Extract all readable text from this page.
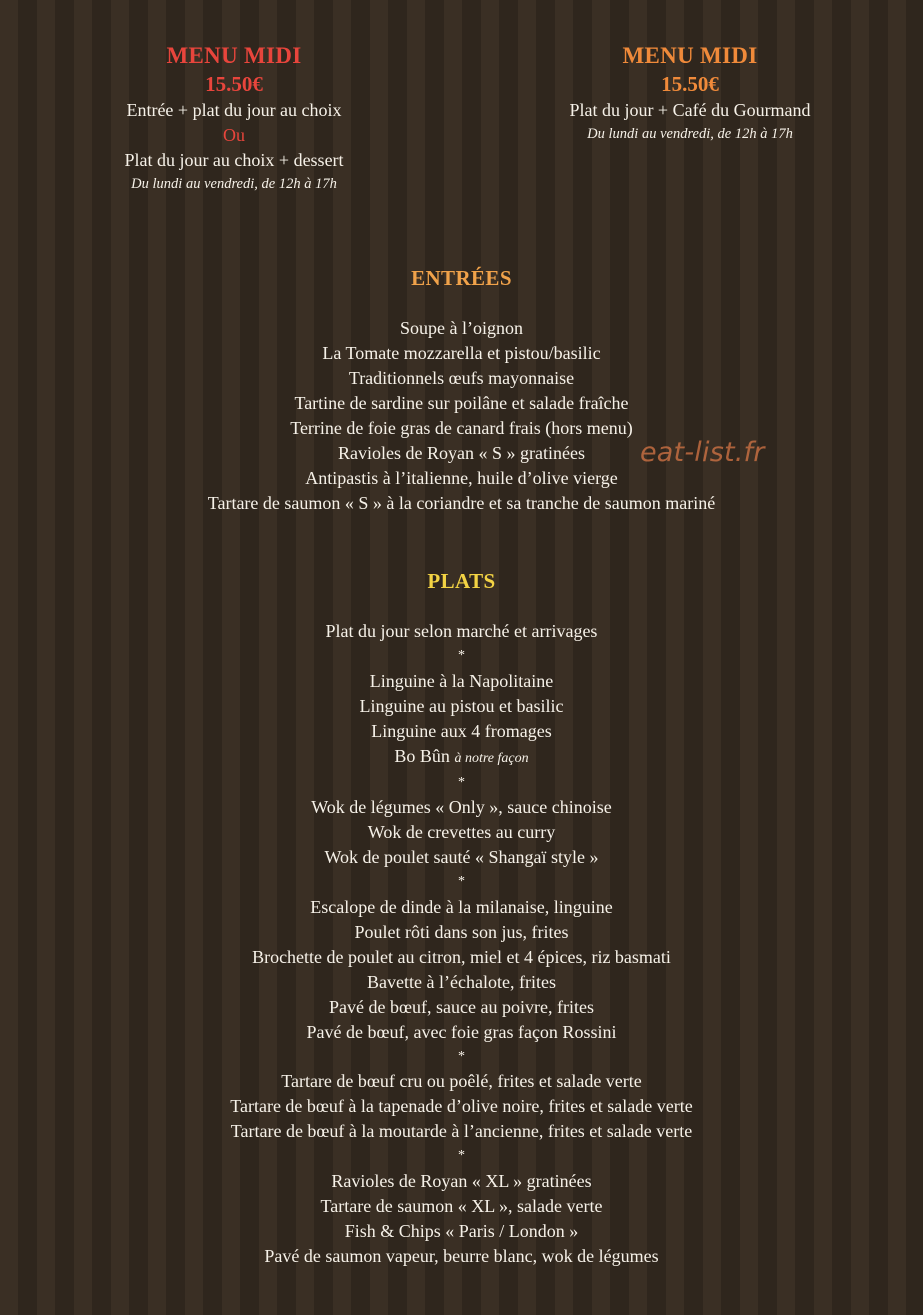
MENU MIDI
15.50€
Entrée + plat du jour au choix
Ou
Plat du jour au choix + dessert
Du lundi au vendredi, de 12h à 17h
MENU MIDI
15.50€
Plat du jour + Café du Gourmand
Du lundi au vendredi, de 12h à 17h
ENTRÉES
Soupe à l’oignon
La Tomate mozzarella et pistou/basilic
Traditionnels œufs mayonnaise
Tartine de sardine sur poilâne et salade fraîche
Terrine de foie gras de canard frais (hors menu)
Ravioles de Royan « S » gratinées
Antipastis à l’italienne, huile d’olive vierge
Tartare de saumon « S » à la coriandre et sa tranche de saumon mariné
eat-list.fr
PLATS
Plat du jour selon marché et arrivages
*
Linguine à la Napolitaine
Linguine au pistou et basilic
Linguine aux 4 fromages
Bo Bûn à notre façon
*
Wok de légumes « Only », sauce chinoise
Wok de crevettes au curry
Wok de poulet sauté « Shangaï style »
*
Escalope de dinde à la milanaise, linguine
Poulet rôti dans son jus, frites
Brochette de poulet au citron, miel et 4 épices, riz basmati
Bavette à l’échalote, frites
Pavé de bœuf, sauce au poivre, frites
Pavé de bœuf, avec foie gras façon Rossini
*
Tartare de bœuf cru ou poêlé, frites et salade verte
Tartare de bœuf à la tapenade d’olive noire, frites et salade verte
Tartare de bœuf à la moutarde à l’ancienne, frites et salade verte
*
Ravioles de Royan « XL » gratinées
Tartare de saumon « XL », salade verte
Fish & Chips « Paris / London »
Pavé de saumon vapeur, beurre blanc, wok de légumes
